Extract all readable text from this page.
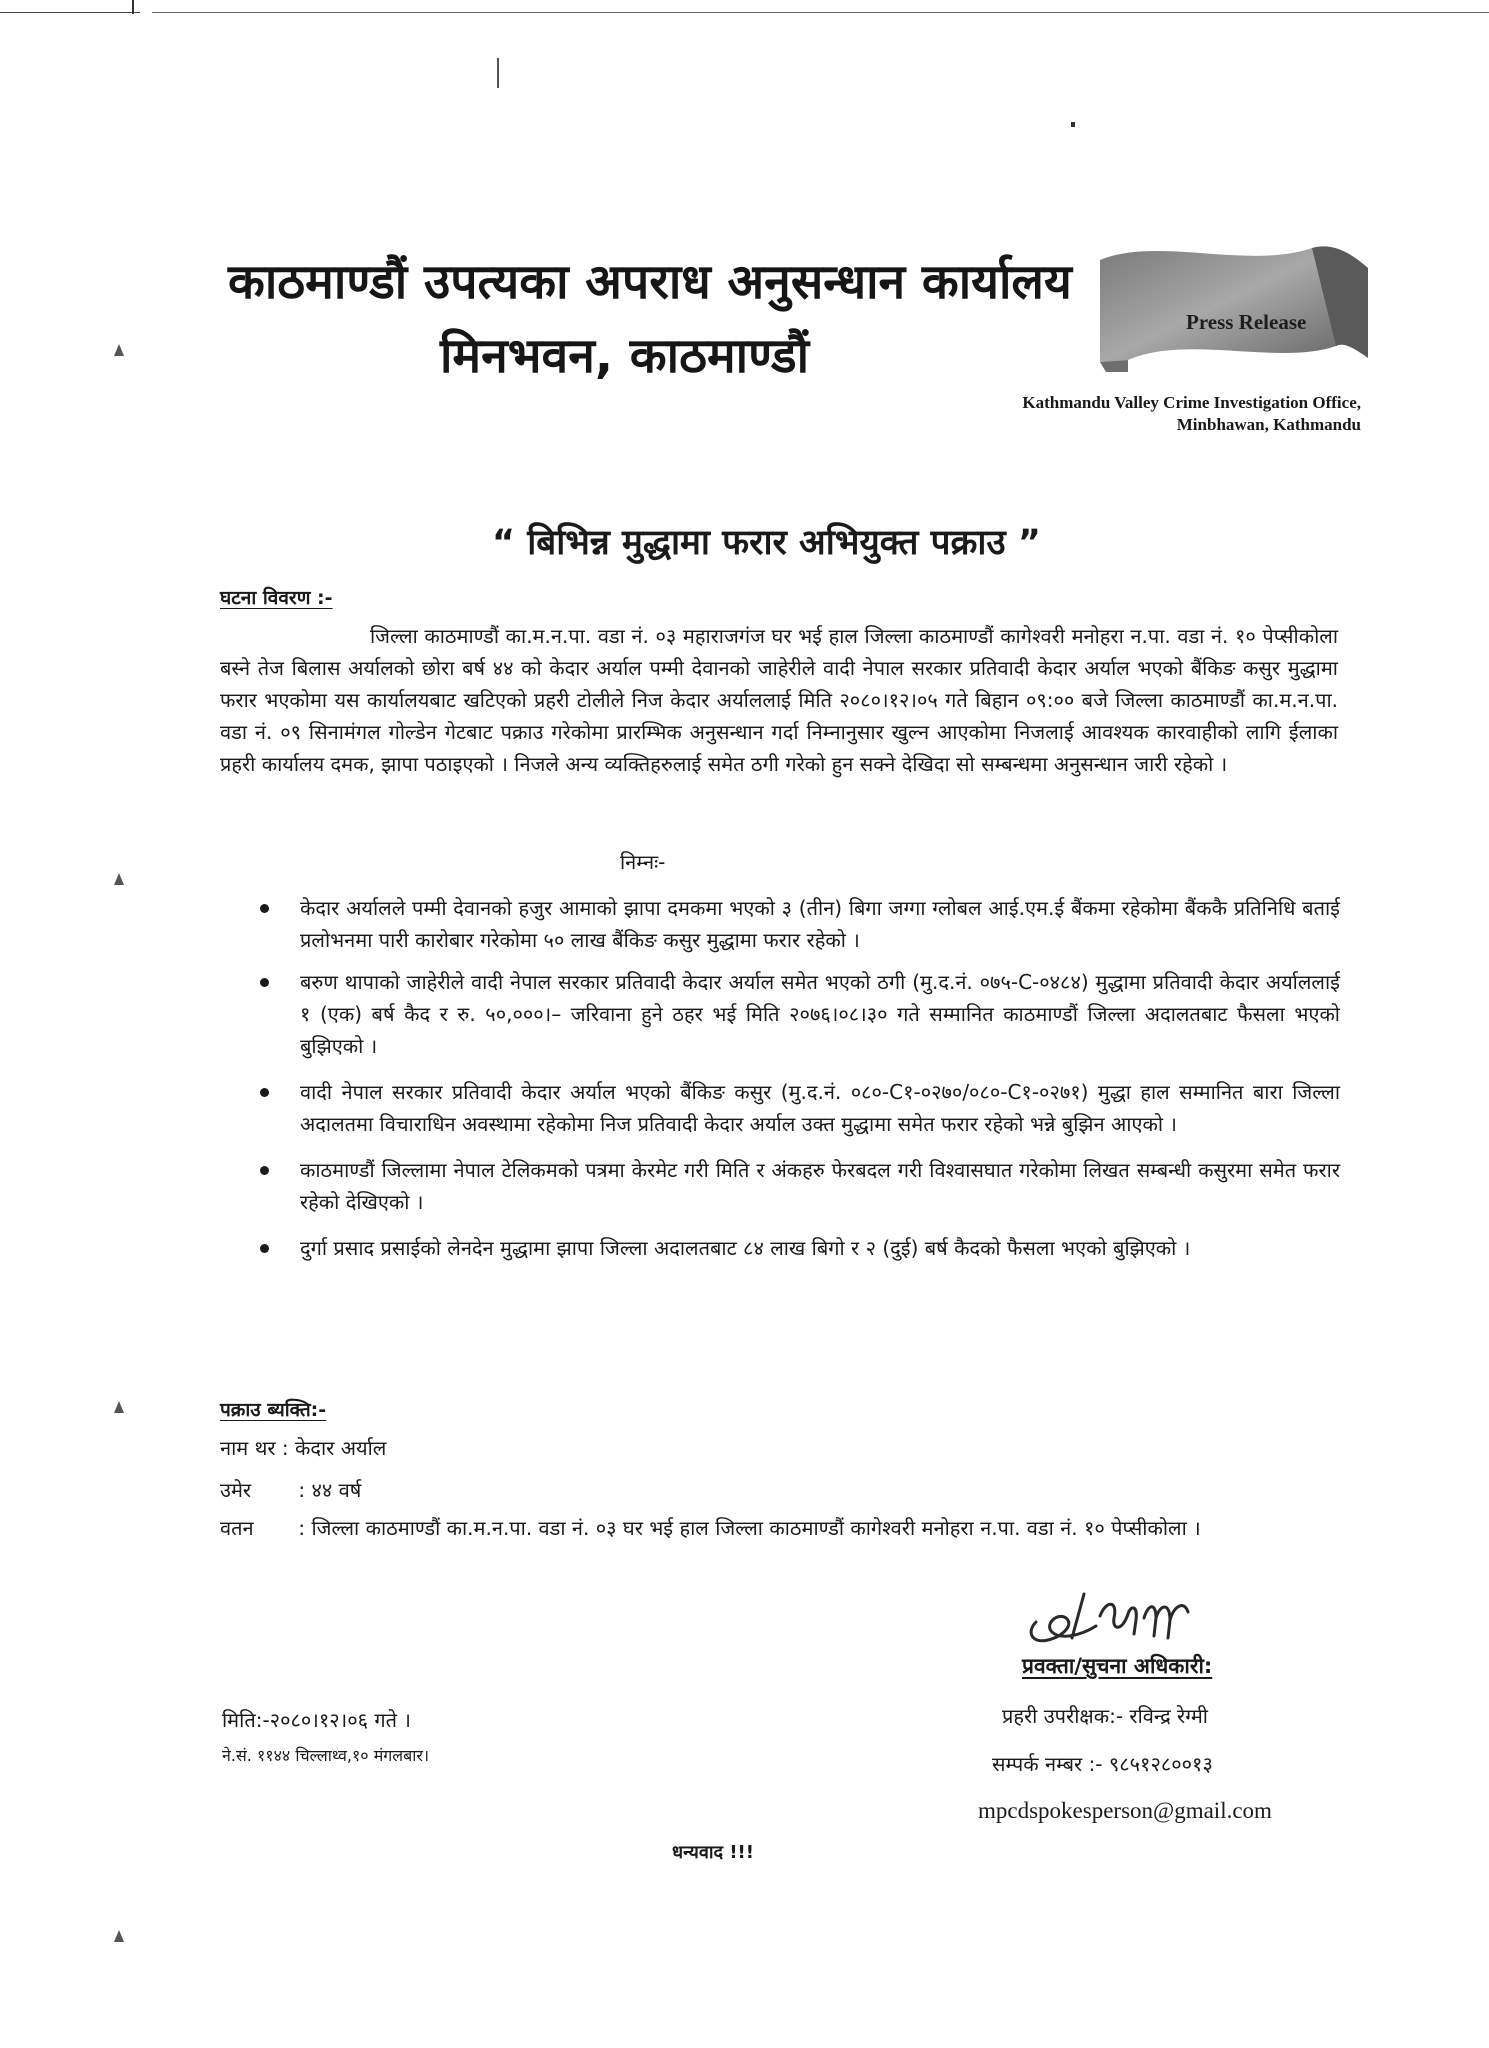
काठमाण्डौं उपत्यका अपराध अनुसन्धान कार्यालय
मिनभवन, काठमाण्डौं
Press Release
Kathmandu Valley Crime Investigation Office,
Minbhawan, Kathmandu
“ बिभिन्न मुद्धामा फरार अभियुक्त पक्राउ ”
घटना विवरण :-
जिल्ला काठमाण्डौं का.म.न.पा. वडा नं. ०३ महाराजगंज घर भई हाल जिल्ला काठमाण्डौं कागेश्वरी मनोहरा न.पा. वडा नं. १० पेप्सीकोला बस्ने तेज बिलास अर्यालको छोरा बर्ष ४४ को केदार अर्याल पम्मी देवानको जाहेरीले वादी नेपाल सरकार प्रतिवादी केदार अर्याल भएको बैंकिङ कसुर मुद्धामा फरार भएकोमा यस कार्यालयबाट खटिएको प्रहरी टोलीले निज केदार अर्याललाई मिति २०८०।१२।०५ गते बिहान ०९:०० बजे जिल्ला काठमाण्डौं का.म.न.पा. वडा नं. ०९ सिनामंगल गोल्डेन गेटबाट पक्राउ गरेकोमा प्रारम्भिक अनुसन्धान गर्दा निम्नानुसार खुल्न आएकोमा निजलाई आवश्यक कारवाहीको लागि ईलाका प्रहरी कार्यालय दमक, झापा पठाइएको । निजले अन्य व्यक्तिहरुलाई समेत ठगी गरेको हुन सक्ने देखिदा सो सम्बन्धमा अनुसन्धान जारी रहेको ।
निम्नः-
केदार अर्यालले पम्मी देवानको हजुर आमाको झापा दमकमा भएको ३ (तीन) बिगा जग्गा ग्लोबल आई.एम.ई बैंकमा रहेकोमा बैंककै प्रतिनिधि बताई प्रलोभनमा पारी कारोबार गरेकोमा ५० लाख बैंकिङ कसुर मुद्धामा फरार रहेको ।
बरुण थापाको जाहेरीले वादी नेपाल सरकार प्रतिवादी केदार अर्याल समेत भएको ठगी (मु.द.नं. ०७५-C-०४८४) मुद्धामा प्रतिवादी केदार अर्याललाई १ (एक) बर्ष कैद र रु. ५०,०००।– जरिवाना हुने ठहर भई मिति २०७६।०८।३० गते सम्मानित काठमाण्डौं जिल्ला अदालतबाट फैसला भएको बुझिएको ।
वादी नेपाल सरकार प्रतिवादी केदार अर्याल भएको बैंकिङ कसुर (मु.द.नं. ०८०-C१-०२७०/०८०-C१-०२७१) मुद्धा हाल सम्मानित बारा जिल्ला अदालतमा विचाराधिन अवस्थामा रहेकोमा निज प्रतिवादी केदार अर्याल उक्त मुद्धामा समेत फरार रहेको भन्ने बुझिन आएको ।
काठमाण्डौं जिल्लामा नेपाल टेलिकमको पत्रमा केरमेट गरी मिति र अंकहरु फेरबदल गरी विश्वासघात गरेकोमा लिखत सम्बन्धी कसुरमा समेत फरार रहेको देखिएको ।
दुर्गा प्रसाद प्रसाईको लेनदेन मुद्धामा झापा जिल्ला अदालतबाट ८४ लाख बिगो र २ (दुई) बर्ष कैदको फैसला भएको बुझिएको ।
पक्राउ ब्यक्ति:-
नाम थर : केदार अर्याल
उमेर : ४४ वर्ष
वतन : जिल्ला काठमाण्डौं का.म.न.पा. वडा नं. ०३ घर भई हाल जिल्ला काठमाण्डौं कागेश्वरी मनोहरा न.पा. वडा नं. १० पेप्सीकोला ।
प्रवक्ता/सुचना अधिकारी:
प्रहरी उपरीक्षक:- रविन्द्र रेग्मी
सम्पर्क नम्बर :- ९८५१२८००१३
mpcdspokesperson@gmail.com
मिति:-२०८०।१२।०६ गते ।
ने.सं. ११४४ चिल्लाथ्व,१० मंगलबार।
धन्यवाद !!!
